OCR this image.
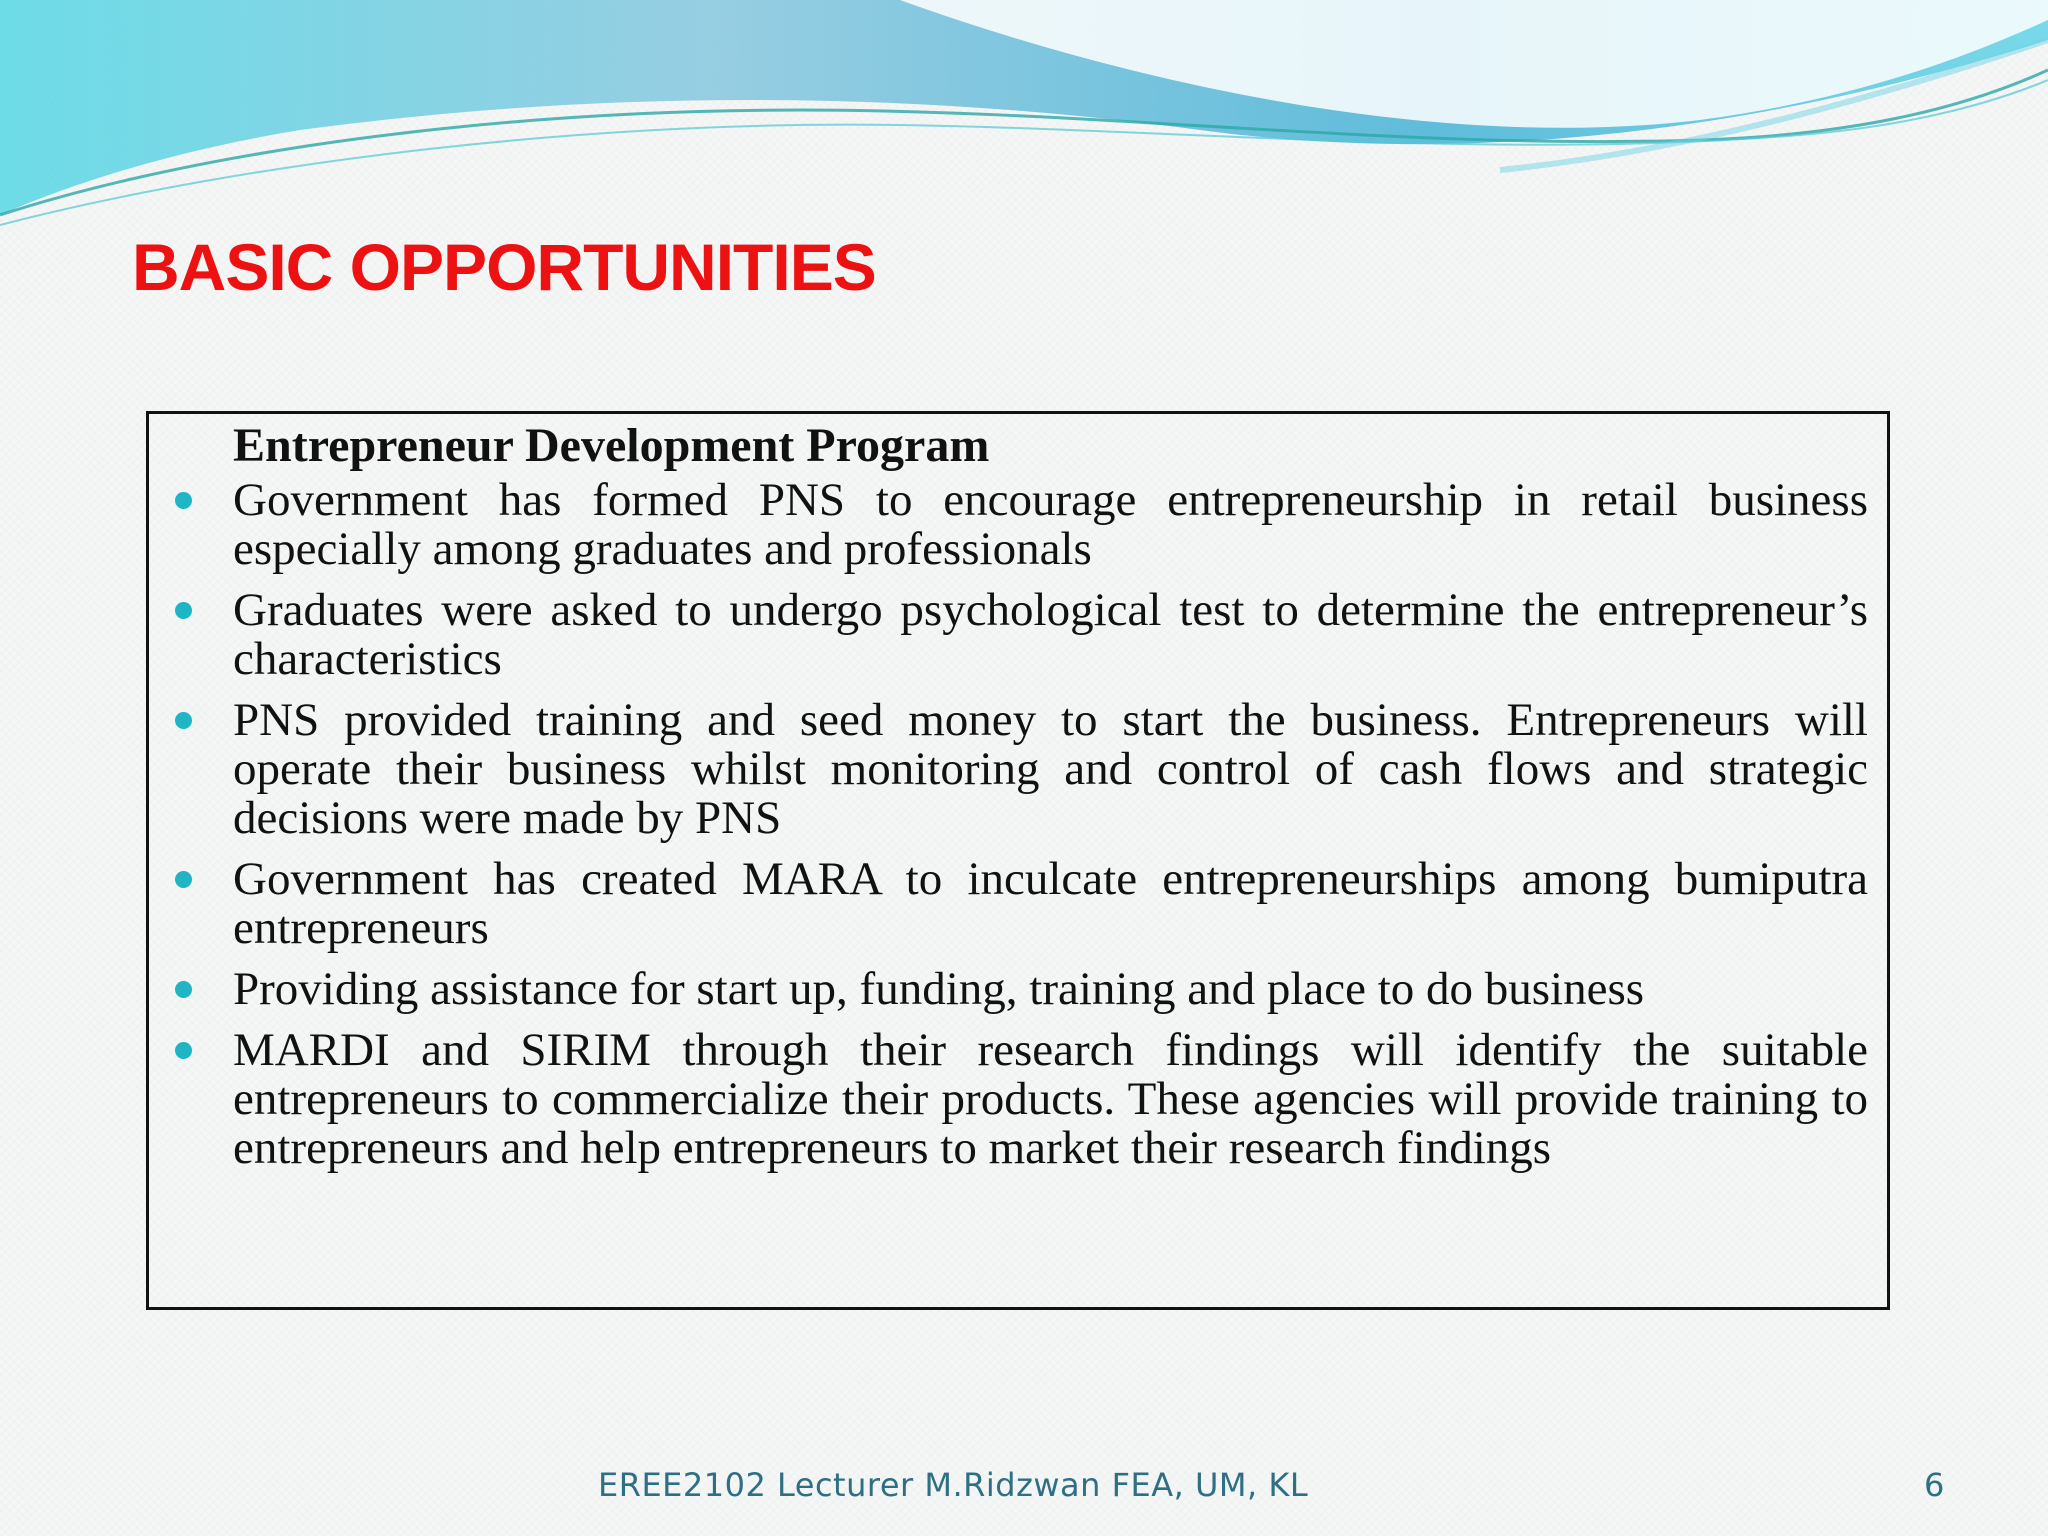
BASIC OPPORTUNITIES
Entrepreneur Development Program
Government has formed PNS to encourage entrepreneurship in retail business especially among graduates and professionals
Graduates were asked to undergo psychological test to determine the entrepreneur’s characteristics
PNS provided training and seed money to start the business. Entrepreneurs will operate their business whilst monitoring and control of cash flows and strategic decisions were made by PNS
Government has created MARA to inculcate entrepreneurships among bumiputra entrepreneurs
Providing assistance for start up, funding, training and place to do business
MARDI and SIRIM through their research findings will identify the suitable entrepreneurs to commercialize their products. These agencies will provide training to entrepreneurs and help entrepreneurs to market their research findings
EREE2102 Lecturer M.Ridzwan FEA, UM, KL	6
